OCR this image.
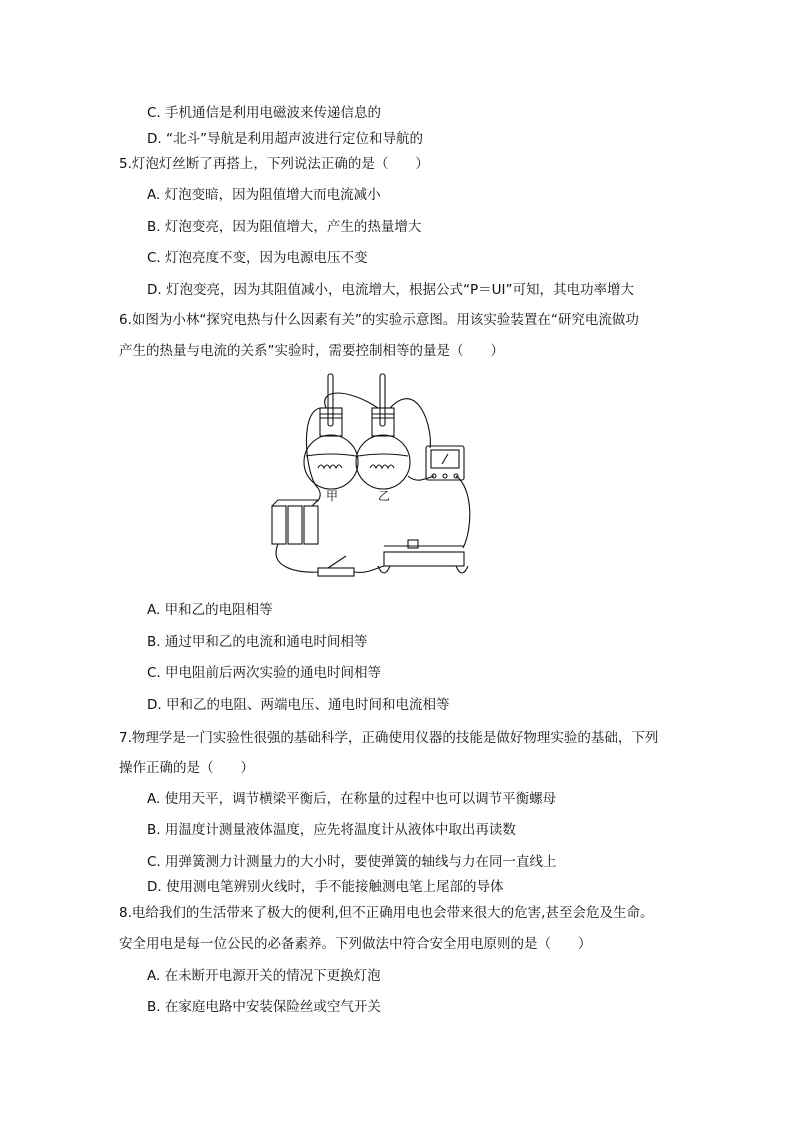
C. 手机通信是利用电磁波来传递信息的
D. “北斗”导航是利用超声波进行定位和导航的
5.灯泡灯丝断了再搭上，下列说法正确的是（　　）
A. 灯泡变暗，因为阻值增大而电流减小
B. 灯泡变亮，因为阻值增大，产生的热量增大
C. 灯泡亮度不变，因为电源电压不变
D. 灯泡变亮，因为其阻值减小，电流增大，根据公式“P＝UI”可知，其电功率增大
6.如图为小林“探究电热与什么因素有关”的实验示意图。用该实验装置在“研究电流做功
产生的热量与电流的关系”实验时，需要控制相等的量是（　　）
甲	乙
A. 甲和乙的电阻相等
B. 通过甲和乙的电流和通电时间相等
C. 甲电阻前后两次实验的通电时间相等
D. 甲和乙的电阻、两端电压、通电时间和电流相等
7.物理学是一门实验性很强的基础科学，正确使用仪器的技能是做好物理实验的基础，下列
操作正确的是（　　）
A. 使用天平，调节横梁平衡后，在称量的过程中也可以调节平衡螺母
B. 用温度计测量液体温度，应先将温度计从液体中取出再读数
C. 用弹簧测力计测量力的大小时，要使弹簧的轴线与力在同一直线上
D. 使用测电笔辨别火线时，手不能接触测电笔上尾部的导体
8.电给我们的生活带来了极大的便利,但不正确用电也会带来很大的危害,甚至会危及生命。
安全用电是每一位公民的必备素养。下列做法中符合安全用电原则的是（　　）
A. 在未断开电源开关的情况下更换灯泡
B. 在家庭电路中安装保险丝或空气开关
